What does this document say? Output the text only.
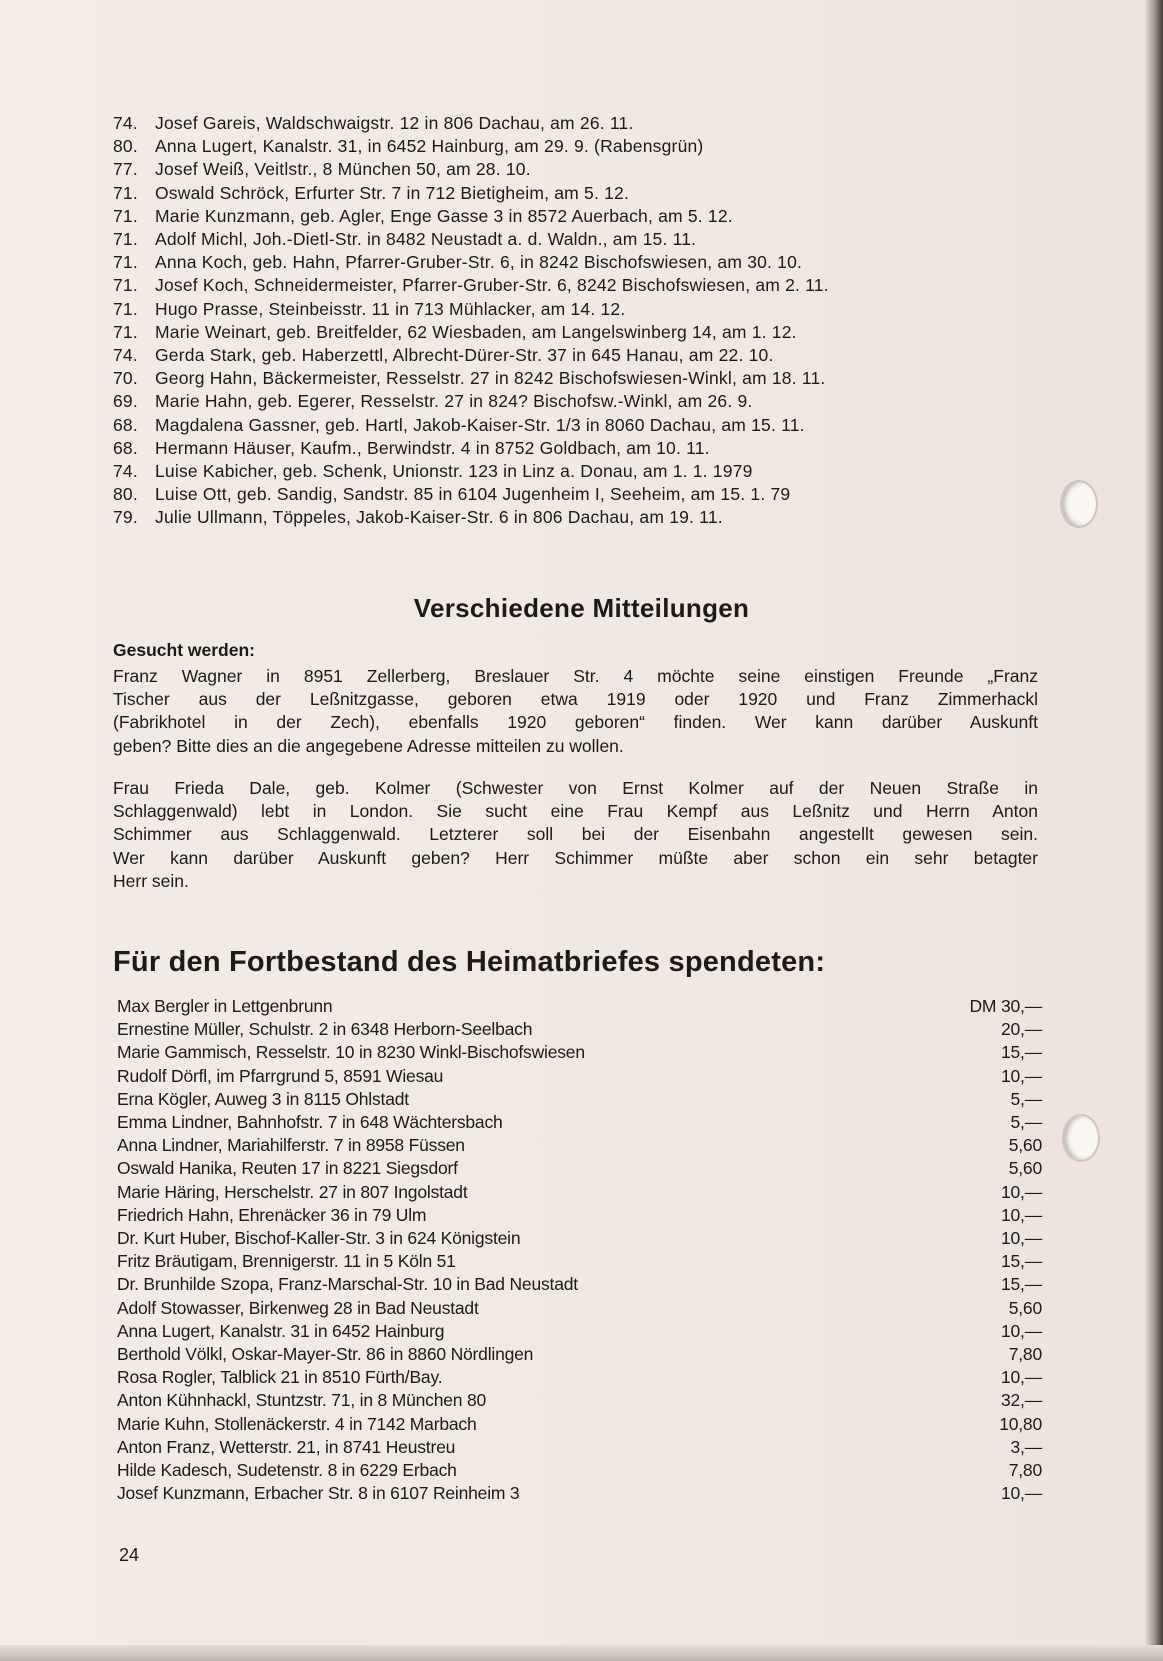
74. Josef Gareis, Waldschwaigstr. 12 in 806 Dachau, am 26. 11.
80. Anna Lugert, Kanalstr. 31, in 6452 Hainburg, am 29. 9. (Rabensgrün)
77. Josef Weiß, Veitlstr., 8 München 50, am 28. 10.
71. Oswald Schröck, Erfurter Str. 7 in 712 Bietigheim, am 5. 12.
71. Marie Kunzmann, geb. Agler, Enge Gasse 3 in 8572 Auerbach, am 5. 12.
71. Adolf Michl, Joh.-Dietl-Str. in 8482 Neustadt a. d. Waldn., am 15. 11.
71. Anna Koch, geb. Hahn, Pfarrer-Gruber-Str. 6, in 8242 Bischofswiesen, am 30. 10.
71. Josef Koch, Schneidermeister, Pfarrer-Gruber-Str. 6, 8242 Bischofswiesen, am 2. 11.
71. Hugo Prasse, Steinbeisstr. 11 in 713 Mühlacker, am 14. 12.
71. Marie Weinart, geb. Breitfelder, 62 Wiesbaden, am Langelswinberg 14, am 1. 12.
74. Gerda Stark, geb. Haberzettl, Albrecht-Dürer-Str. 37 in 645 Hanau, am 22. 10.
70. Georg Hahn, Bäckermeister, Resselstr. 27 in 8242 Bischofswiesen-Winkl, am 18. 11.
69. Marie Hahn, geb. Egerer, Resselstr. 27 in 824? Bischofsw.-Winkl, am 26. 9.
68. Magdalena Gassner, geb. Hartl, Jakob-Kaiser-Str. 1/3 in 8060 Dachau, am 15. 11.
68. Hermann Häuser, Kaufm., Berwindstr. 4 in 8752 Goldbach, am 10. 11.
74. Luise Kabicher, geb. Schenk, Unionstr. 123 in Linz a. Donau, am 1. 1. 1979
80. Luise Ott, geb. Sandig, Sandstr. 85 in 6104 Jugenheim I, Seeheim, am 15. 1. 79
79. Julie Ullmann, Töppeles, Jakob-Kaiser-Str. 6 in 806 Dachau, am 19. 11.
Verschiedene Mitteilungen

Gesucht werden:

Franz Wagner in 8951 Zellerberg, Breslauer Str. 4 möchte seine einstigen Freunde „Franz
Tischer aus der Leßnitzgasse, geboren etwa 1919 oder 1920 und Franz Zimmerhackl
(Fabrikhotel in der Zech), ebenfalls 1920 geboren“ finden. Wer kann darüber Auskunft
geben? Bitte dies an die angegebene Adresse mitteilen zu wollen.

Frau Frieda Dale, geb. Kolmer (Schwester von Ernst Kolmer auf der Neuen Straße in
Schlaggenwald) lebt in London. Sie sucht eine Frau Kempf aus Leßnitz und Herrn Anton
Schimmer aus Schlaggenwald. Letzterer soll bei der Eisenbahn angestellt gewesen sein.
Wer kann darüber Auskunft geben? Herr Schimmer müßte aber schon ein sehr betagter
Herr sein.

Für den Fortbestand des Heimatbriefes spendeten:
Max Bergler in Lettgenbrunn	DM 30,—
Ernestine Müller, Schulstr. 2 in 6348 Herborn-Seelbach	20,—
Marie Gammisch, Resselstr. 10 in 8230 Winkl-Bischofswiesen	15,—
Rudolf Dörfl, im Pfarrgrund 5, 8591 Wiesau	10,—
Erna Kögler, Auweg 3 in 8115 Ohlstadt	5,—
Emma Lindner, Bahnhofstr. 7 in 648 Wächtersbach	5,—
Anna Lindner, Mariahilferstr. 7 in 8958 Füssen	5,60
Oswald Hanika, Reuten 17 in 8221 Siegsdorf	5,60
Marie Häring, Herschelstr. 27 in 807 Ingolstadt	10,—
Friedrich Hahn, Ehrenäcker 36 in 79 Ulm	10,—
Dr. Kurt Huber, Bischof-Kaller-Str. 3 in 624 Königstein	10,—
Fritz Bräutigam, Brennigerstr. 11 in 5 Köln 51	15,—
Dr. Brunhilde Szopa, Franz-Marschal-Str. 10 in Bad Neustadt	15,—
Adolf Stowasser, Birkenweg 28 in Bad Neustadt	5,60
Anna Lugert, Kanalstr. 31 in 6452 Hainburg	10,—
Berthold Völkl, Oskar-Mayer-Str. 86 in 8860 Nördlingen	7,80
Rosa Rogler, Talblick 21 in 8510 Fürth/Bay.	10,—
Anton Kühnhackl, Stuntzstr. 71, in 8 München 80	32,—
Marie Kuhn, Stollenäckerstr. 4 in 7142 Marbach	10,80
Anton Franz, Wetterstr. 21, in 8741 Heustreu	3,—
Hilde Kadesch, Sudetenstr. 8 in 6229 Erbach	7,80
Josef Kunzmann, Erbacher Str. 8 in 6107 Reinheim 3	10,—
24
